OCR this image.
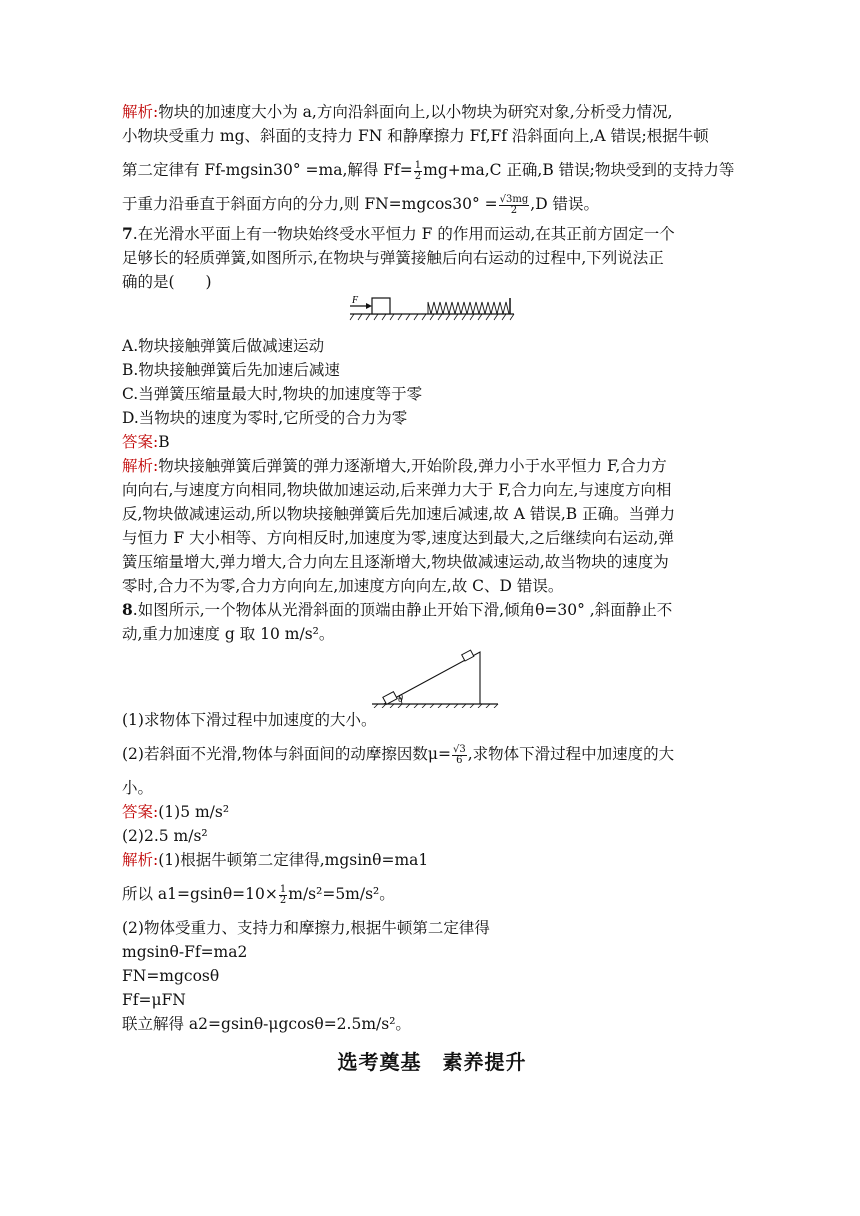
解析:物块的加速度大小为 a,方向沿斜面向上,以小物块为研究对象,分析受力情况,
小物块受重力 mg、斜面的支持力 FN 和静摩擦力 Ff,Ff 沿斜面向上,A 错误;根据牛顿
第二定律有 Ff-mgsin30° =ma,解得 $Ff= \frac{1}{2} mg+ma,C$ 正确,B 错误;物块受到的支持力等
于重力沿垂直于斜面方向的分力,则 $FN=mgcos30^\circ = \frac{√3mg}{2} ,D$ 错误。
7.在光滑水平面上有一物块始终受水平恒力 F 的作用而运动,在其正前方固定一个
足够长的轻质弹簧,如图所示,在物块与弹簧接触后向右运动的过程中,下列说法正
确的是(　　)
F
A.物块接触弹簧后做减速运动
B.物块接触弹簧后先加速后减速
C.当弹簧压缩量最大时,物块的加速度等于零
D.当物块的速度为零时,它所受的合力为零
答案:B
解析:物块接触弹簧后弹簧的弹力逐渐增大,开始阶段,弹力小于水平恒力 F,合力方
向向右,与速度方向相同,物块做加速运动,后来弹力大于 F,合力向左,与速度方向相
反,物块做减速运动,所以物块接触弹簧后先加速后减速,故 A 错误,B 正确。当弹力
与恒力 F 大小相等、方向相反时,加速度为零,速度达到最大,之后继续向右运动,弹
簧压缩量增大,弹力增大,合力向左且逐渐增大,物块做减速运动,故当物块的速度为
零时,合力不为零,合力方向向左,加速度方向向左,故 C、D 错误。
8.如图所示,一个物体从光滑斜面的顶端由静止开始下滑,倾角θ=30° ,斜面静止不
动,重力加速度 g 取 10 m/s²。
θ
(1)求物体下滑过程中加速度的大小。
(2)若斜面不光滑,物体与斜面间的动摩擦因数$\mu= \frac{√3}{6}$ ,求物体下滑过程中加速度的大
小。
答案:(1)5 m/s²
(2)2.5 m/s²
解析:(1)根据牛顿第二定律得,mgsinθ=ma1
所以 $a1=gsin\theta=10\times \frac{1}{2} m/s^2=5m/s^2$。
(2)物体受重力、支持力和摩擦力,根据牛顿第二定律得
mgsinθ-Ff=ma2
FN=mgcosθ
Ff=μFN
联立解得 a2=gsinθ-μgcosθ=2.5m/s²。
选考奠基　素养提升
